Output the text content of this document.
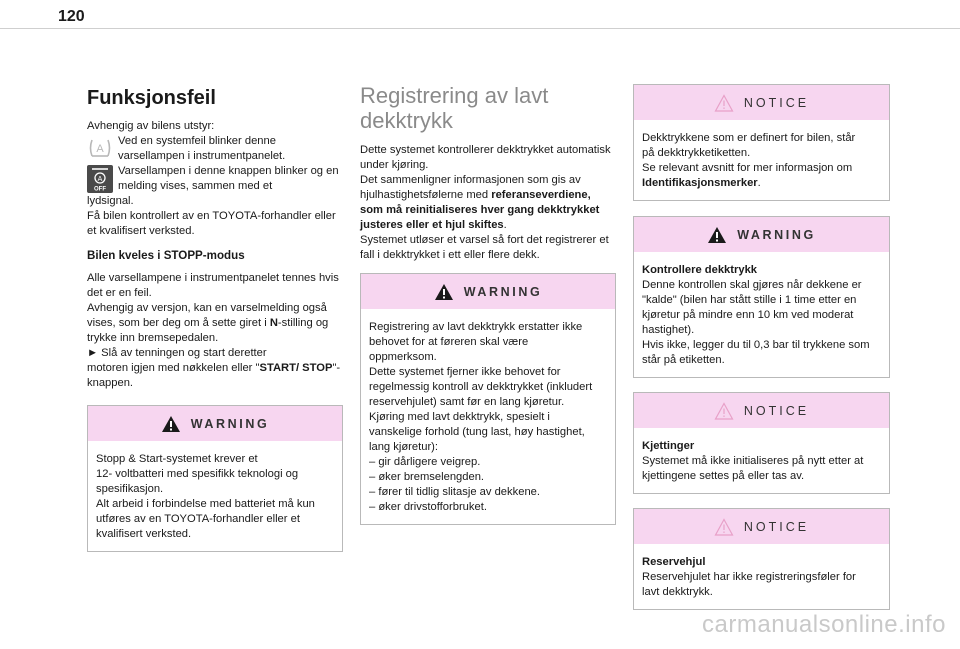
120
Funksjonsfeil

Avhengig av bilens utstyr:

A

Ved en systemfeil blinker denne varsellampen i instrumentpanelet.

A
OFF

Varsellampen i denne knappen blinker og en melding vises, sammen med et

lydsignal.

Få bilen kontrollert av en TOYOTA-forhandler eller et kvalifisert verksted.

Bilen kveles i STOPP-modus

Alle varsellampene i instrumentpanelet tennes hvis det er en feil.

Avhengig av versjon, kan en varselmelding også vises, som ber deg om å sette giret i N-stilling og trykke inn bremsepedalen.

► Slå av tenningen og start deretter
motoren igjen med nøkkelen eller "START/ STOP"-knappen.

WARNING

Stopp & Start-systemet krever et

12- voltbatteri med spesifikk teknologi og

spesifikasjon.

Alt arbeid i forbindelse med batteriet må kun

utføres av en TOYOTA-forhandler eller et

kvalifisert verksted.

Registrering av lavt
dekktrykk

Dette systemet kontrollerer dekktrykket automatisk under kjøring.
Det sammenligner informasjonen som gis av hjulhastighetsfølerne med referanseverdiene, som må reinitialiseres hver gang dekktrykket justeres eller et hjul skiftes.

Systemet utløser et varsel så fort det registrerer et fall i dekktrykket i ett eller flere dekk.

WARNING

Registrering av lavt dekktrykk erstatter ikke

behovet for at føreren skal være

oppmerksom.

Dette systemet fjerner ikke behovet for

regelmessig kontroll av dekktrykket (inkludert

reservehjulet) samt før en lang kjøretur.

Kjøring med lavt dekktrykk, spesielt i

vanskelige forhold (tung last, høy hastighet,

lang kjøretur):

– gir dårligere veigrep.

– øker bremselengden.

– fører til tidlig slitasje av dekkene.

– øker drivstofforbruket.

NOTICE

Dekktrykkene som er definert for bilen, står

på dekktrykketiketten.

Se relevant avsnitt for mer informasjon om

Identifikasjonsmerker.

WARNING

Kontrollere dekktrykk

Denne kontrollen skal gjøres når dekkene er

"kalde" (bilen har stått stille i 1 time etter en

kjøretur på mindre enn 10 km ved moderat

hastighet).

Hvis ikke, legger du til 0,3 bar til trykkene som

står på etiketten.

NOTICE

Kjettinger

Systemet må ikke initialiseres på nytt etter at

kjettingene settes på eller tas av.

NOTICE

Reservehjul

Reservehjulet har ikke registreringsføler for

lavt dekktrykk.

carmanualsonline.info
